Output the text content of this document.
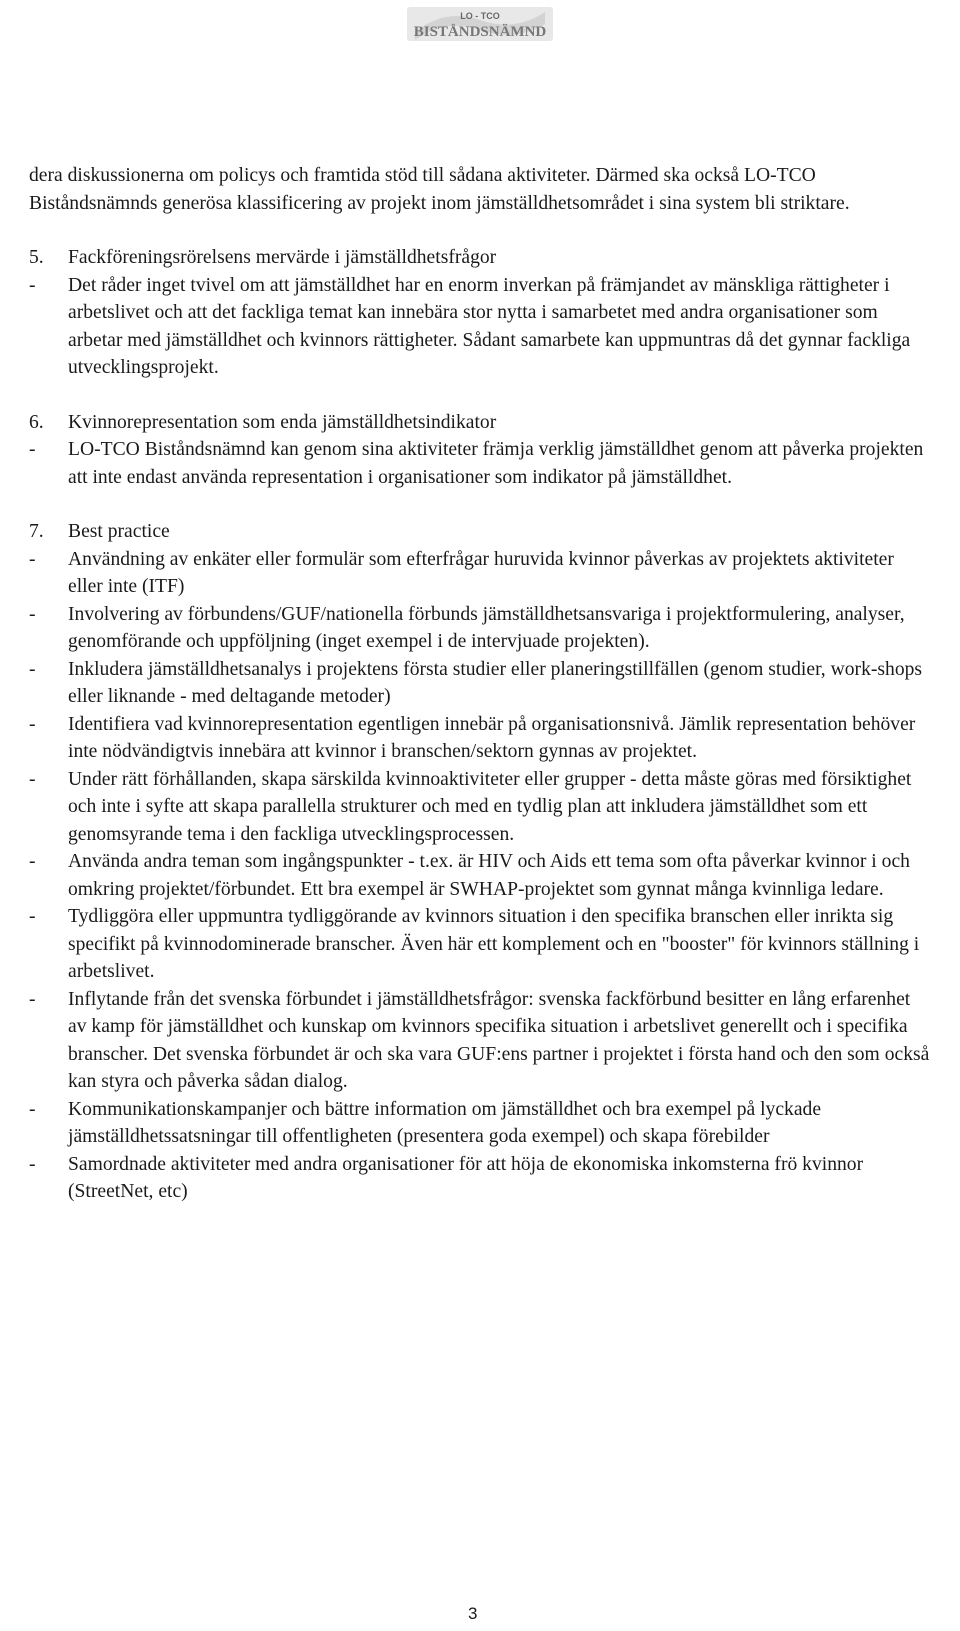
LO - TCO
BISTÅNDSNÄMND

dera diskussionerna om policys och framtida stöd till sådana aktiviteter. Därmed ska också LO-TCO Biståndsnämnds generösa klassificering av projekt inom jämställdhetsområdet i sina system bli striktare.

5.	Fackföreningsrörelsens mervärde i jämställdhetsfrågor

-	Det råder inget tvivel om att jämställdhet har en enorm inverkan på främjandet av mänskliga rättigheter i arbetslivet och att det fackliga temat kan innebära stor nytta i samarbetet med andra organisationer som arbetar med jämställdhet och kvinnors rättigheter. Sådant samarbete kan uppmuntras då det gynnar fackliga utvecklingsprojekt.

6.	Kvinnorepresentation som enda jämställdhetsindikator

-	LO-TCO Biståndsnämnd kan genom sina aktiviteter främja verklig jämställdhet genom att påverka projekten att inte endast använda representation i organisationer som indikator på jämställdhet.

7.	Best practice

-	Användning av enkäter eller formulär som efterfrågar huruvida kvinnor påverkas av projektets aktiviteter eller inte (ITF)

-	Involvering av förbundens/GUF/nationella förbunds jämställdhetsansvariga i projektformulering, analyser, genomförande och uppföljning (inget exempel i de intervjuade projekten).

-	Inkludera jämställdhetsanalys i projektens första studier eller planeringstillfällen (genom studier, work-shops eller liknande - med deltagande metoder)

-	Identifiera vad kvinnorepresentation egentligen innebär på organisationsnivå. Jämlik representation behöver inte nödvändigtvis innebära att kvinnor i branschen/sektorn gynnas av projektet.

-	Under rätt förhållanden, skapa särskilda kvinnoaktiviteter eller grupper - detta måste göras med försiktighet och inte i syfte att skapa parallella strukturer och med en tydlig plan att inkludera jämställdhet som ett genomsyrande tema i den fackliga utvecklingsprocessen.

-	Använda andra teman som ingångspunkter - t.ex. är HIV och Aids ett tema som ofta påverkar kvinnor i och omkring projektet/förbundet. Ett bra exempel är SWHAP-projektet som gynnat många kvinnliga ledare.

-	Tydliggöra eller uppmuntra tydliggörande av kvinnors situation i den specifika branschen eller inrikta sig specifikt på kvinnodominerade branscher. Även här ett komplement och en "booster" för kvinnors ställning i arbetslivet.

-	Inflytande från det svenska förbundet i jämställdhetsfrågor: svenska fackförbund besitter en lång erfarenhet av kamp för jämställdhet och kunskap om kvinnors specifika situation i arbetslivet generellt och i specifika branscher. Det svenska förbundet är och ska vara GUF:ens partner i projektet i första hand och den som också kan styra och påverka sådan dialog.

-	Kommunikationskampanjer och bättre information om jämställdhet och bra exempel på lyckade jämställdhetssatsningar till offentligheten (presentera goda exempel) och skapa förebilder

-	Samordnade aktiviteter med andra organisationer för att höja de ekonomiska inkomsterna frö kvinnor (StreetNet, etc)

3
